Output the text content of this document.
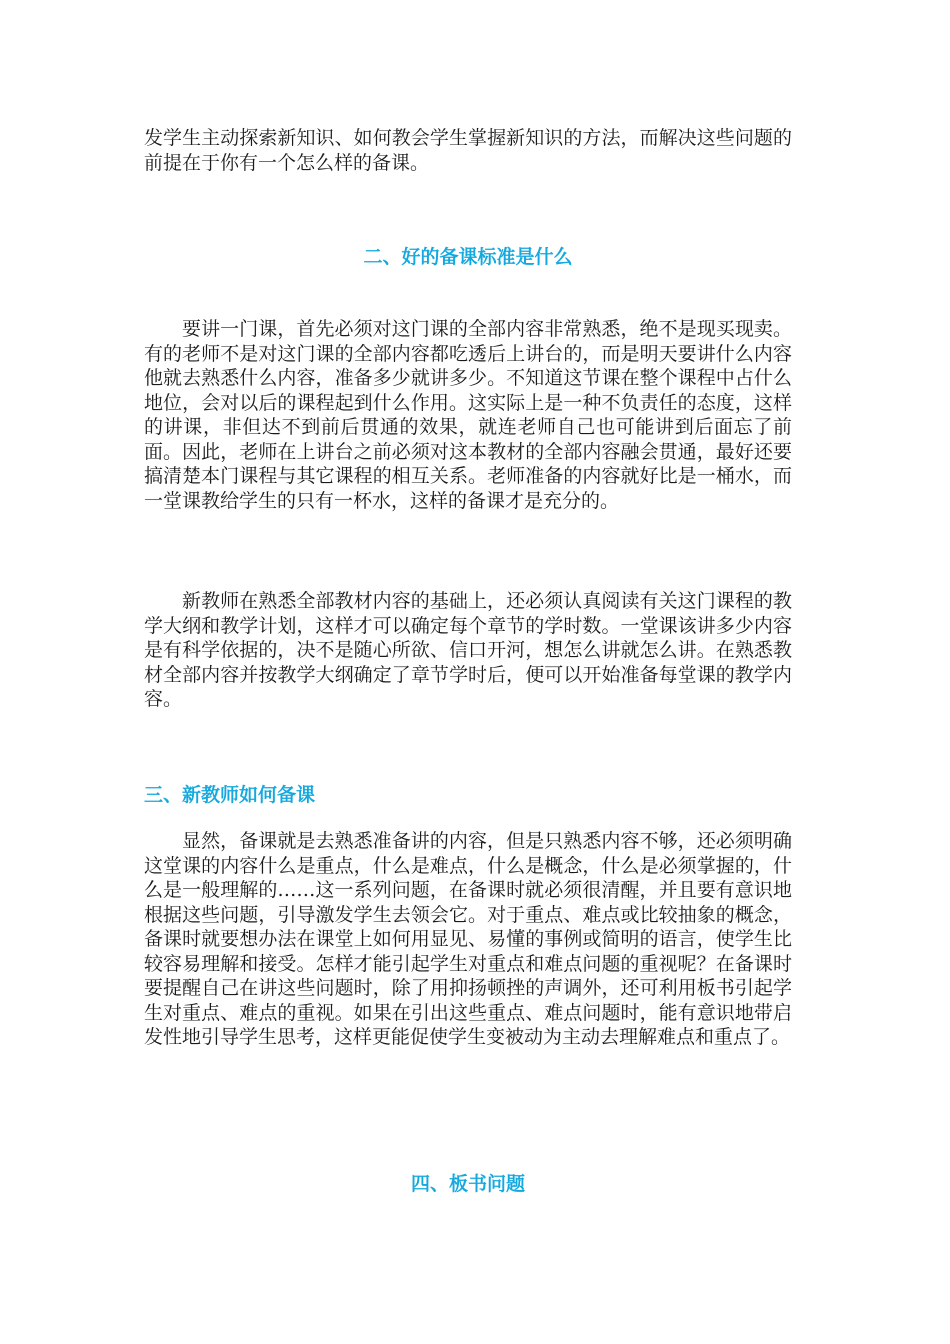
发学生主动探索新知识、如何教会学生掌握新知识的方法，而解决这些问题的前提在于你有一个怎么样的备课。

二、好的备课标准是什么

要讲一门课，首先必须对这门课的全部内容非常熟悉，绝不是现买现卖。有的老师不是对这门课的全部内容都吃透后上讲台的，而是明天要讲什么内容他就去熟悉什么内容，准备多少就讲多少。不知道这节课在整个课程中占什么地位，会对以后的课程起到什么作用。这实际上是一种不负责任的态度，这样的讲课，非但达不到前后贯通的效果，就连老师自己也可能讲到后面忘了前面。因此，老师在上讲台之前必须对这本教材的全部内容融会贯通，最好还要搞清楚本门课程与其它课程的相互关系。老师准备的内容就好比是一桶水，而一堂课教给学生的只有一杯水，这样的备课才是充分的。

新教师在熟悉全部教材内容的基础上，还必须认真阅读有关这门课程的教学大纲和教学计划，这样才可以确定每个章节的学时数。一堂课该讲多少内容是有科学依据的，决不是随心所欲、信口开河，想怎么讲就怎么讲。在熟悉教材全部内容并按教学大纲确定了章节学时后，便可以开始准备每堂课的教学内容。

三、新教师如何备课

显然，备课就是去熟悉准备讲的内容，但是只熟悉内容不够，还必须明确这堂课的内容什么是重点，什么是难点，什么是概念，什么是必须掌握的，什么是一般理解的……这一系列问题，在备课时就必须很清醒，并且要有意识地根据这些问题，引导激发学生去领会它。对于重点、难点或比较抽象的概念，备课时就要想办法在课堂上如何用显见、易懂的事例或简明的语言，使学生比较容易理解和接受。怎样才能引起学生对重点和难点问题的重视呢？在备课时要提醒自己在讲这些问题时，除了用抑扬顿挫的声调外，还可利用板书引起学生对重点、难点的重视。如果在引出这些重点、难点问题时，能有意识地带启发性地引导学生思考，这样更能促使学生变被动为主动去理解难点和重点了。

四、板书问题
